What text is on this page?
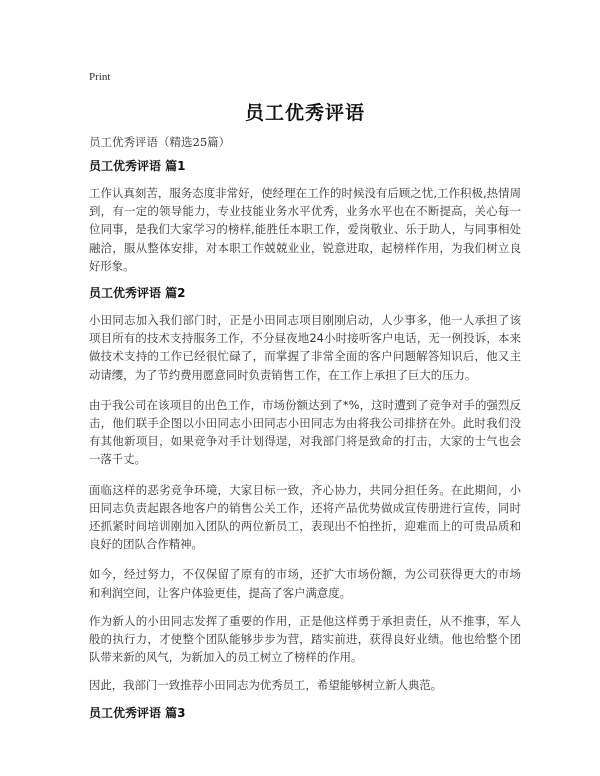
Print
员工优秀评语
员工优秀评语（精选25篇）
员工优秀评语 篇1

工作认真刻苦，服务态度非常好，使经理在工作的时候没有后顾之忧,工作积极,热情周到，有一定的领导能力，专业技能业务水平优秀，业务水平也在不断提高，关心每一位同事，是我们大家学习的榜样,能胜任本职工作，爱岗敬业、乐于助人，与同事相处融洽，服从整体安排，对本职工作兢兢业业，锐意进取，起榜样作用，为我们树立良好形象。

员工优秀评语 篇2

小田同志加入我们部门时，正是小田同志项目刚刚启动，人少事多，他一人承担了该项目所有的技术支持服务工作，不分昼夜地24小时接听客户电话，无一例投诉，本来做技术支持的工作已经很忙碌了，而掌握了非常全面的客户问题解答知识后，他又主动请缨，为了节约费用愿意同时负责销售工作，在工作上承担了巨大的压力。

由于我公司在该项目的出色工作，市场份额达到了*%，这时遭到了竞争对手的强烈反击，他们联手企图以小田同志小田同志小田同志为由将我公司排挤在外。此时我们没有其他新项目，如果竞争对手计划得逞，对我部门将是致命的打击，大家的士气也会一落千丈。

面临这样的恶劣竞争环境，大家目标一致，齐心协力，共同分担任务。在此期间，小田同志负责起跟各地客户的销售公关工作，还将产品优势做成宣传册进行宣传，同时还抓紧时间培训刚加入团队的两位新员工，表现出不怕挫折，迎难而上的可贵品质和良好的团队合作精神。

如今，经过努力，不仅保留了原有的市场，还扩大市场份额，为公司获得更大的市场和利润空间，让客户体验更佳，提高了客户满意度。

作为新人的小田同志发挥了重要的作用，正是他这样勇于承担责任，从不推事，军人般的执行力，才使整个团队能够步步为营，踏实前进，获得良好业绩。他也给整个团队带来新的风气，为新加入的员工树立了榜样的作用。

因此，我部门一致推荐小田同志为优秀员工，希望能够树立新人典范。

员工优秀评语 篇3
